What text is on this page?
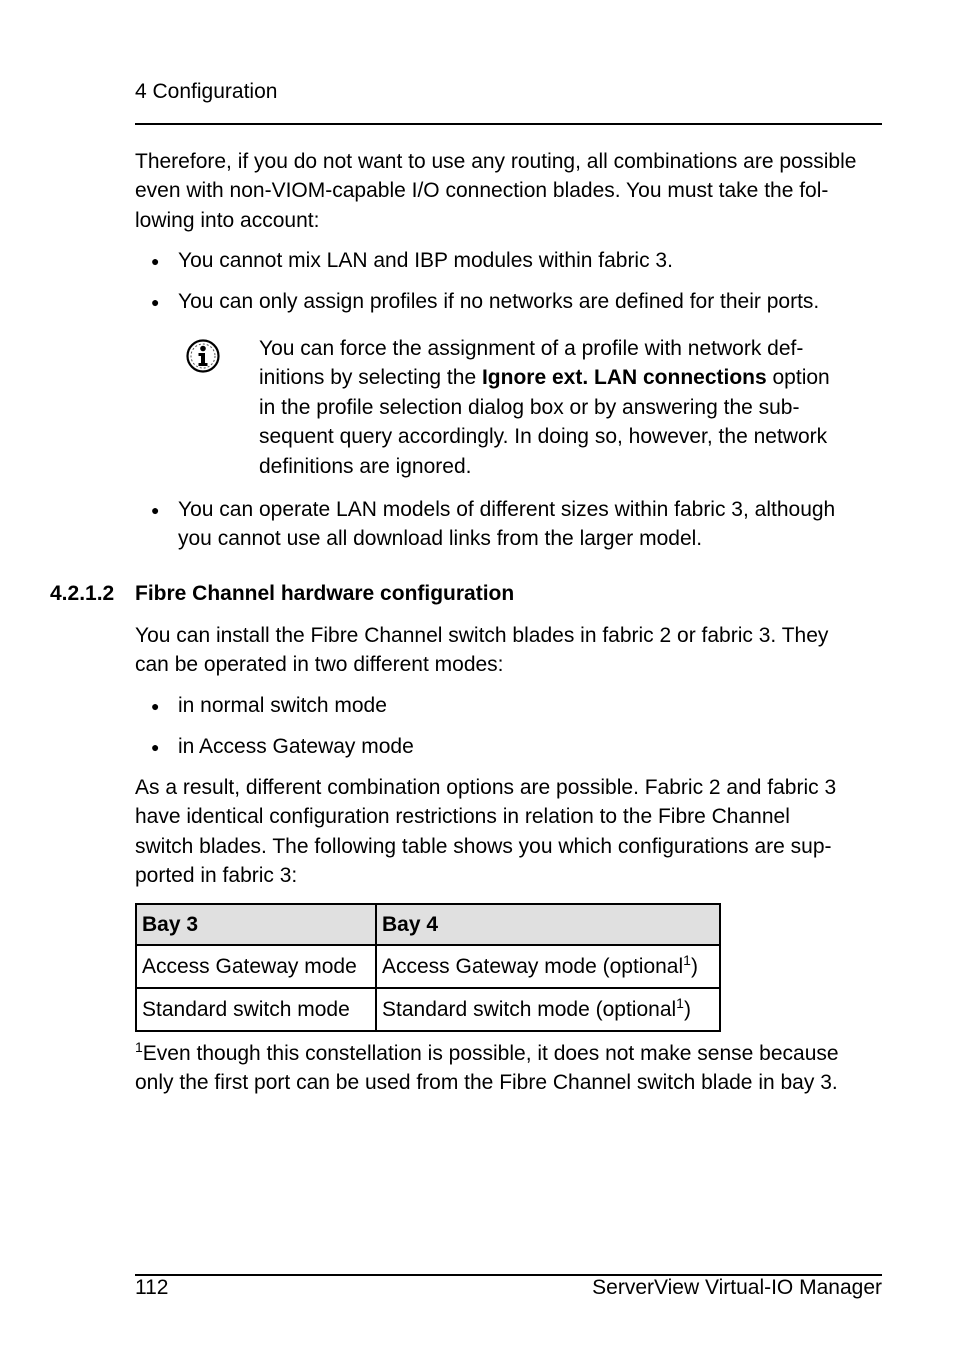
4 Configuration
Therefore, if you do not want to use any routing, all combinations are possible
even with non-VIOM-capable I/O connection blades. You must take the fol-
lowing into account:
● You cannot mix LAN and IBP modules within fabric 3.
● You can only assign profiles if no networks are defined for their ports.
You can force the assignment of a profile with network def-
initions by selecting the Ignore ext. LAN connections option
in the profile selection dialog box or by answering the sub-
sequent query accordingly. In doing so, however, the network
definitions are ignored.
● You can operate LAN models of different sizes within fabric 3, although
you cannot use all download links from the larger model.
4.2.1.2 Fibre Channel hardware configuration
You can install the Fibre Channel switch blades in fabric 2 or fabric 3. They
can be operated in two different modes:
● in normal switch mode
● in Access Gateway mode
As a result, different combination options are possible. Fabric 2 and fabric 3
have identical configuration restrictions in relation to the Fibre Channel
switch blades. The following table shows you which configurations are sup-
ported in fabric 3:
Bay 3	Bay 4
Access Gateway mode	Access Gateway mode (optional$^1$)
Standard switch mode	Standard switch mode (optional$^1$)
$^1$Even though this constellation is possible, it does not make sense because
only the first port can be used from the Fibre Channel switch blade in bay 3.
112	ServerView Virtual-IO Manager
